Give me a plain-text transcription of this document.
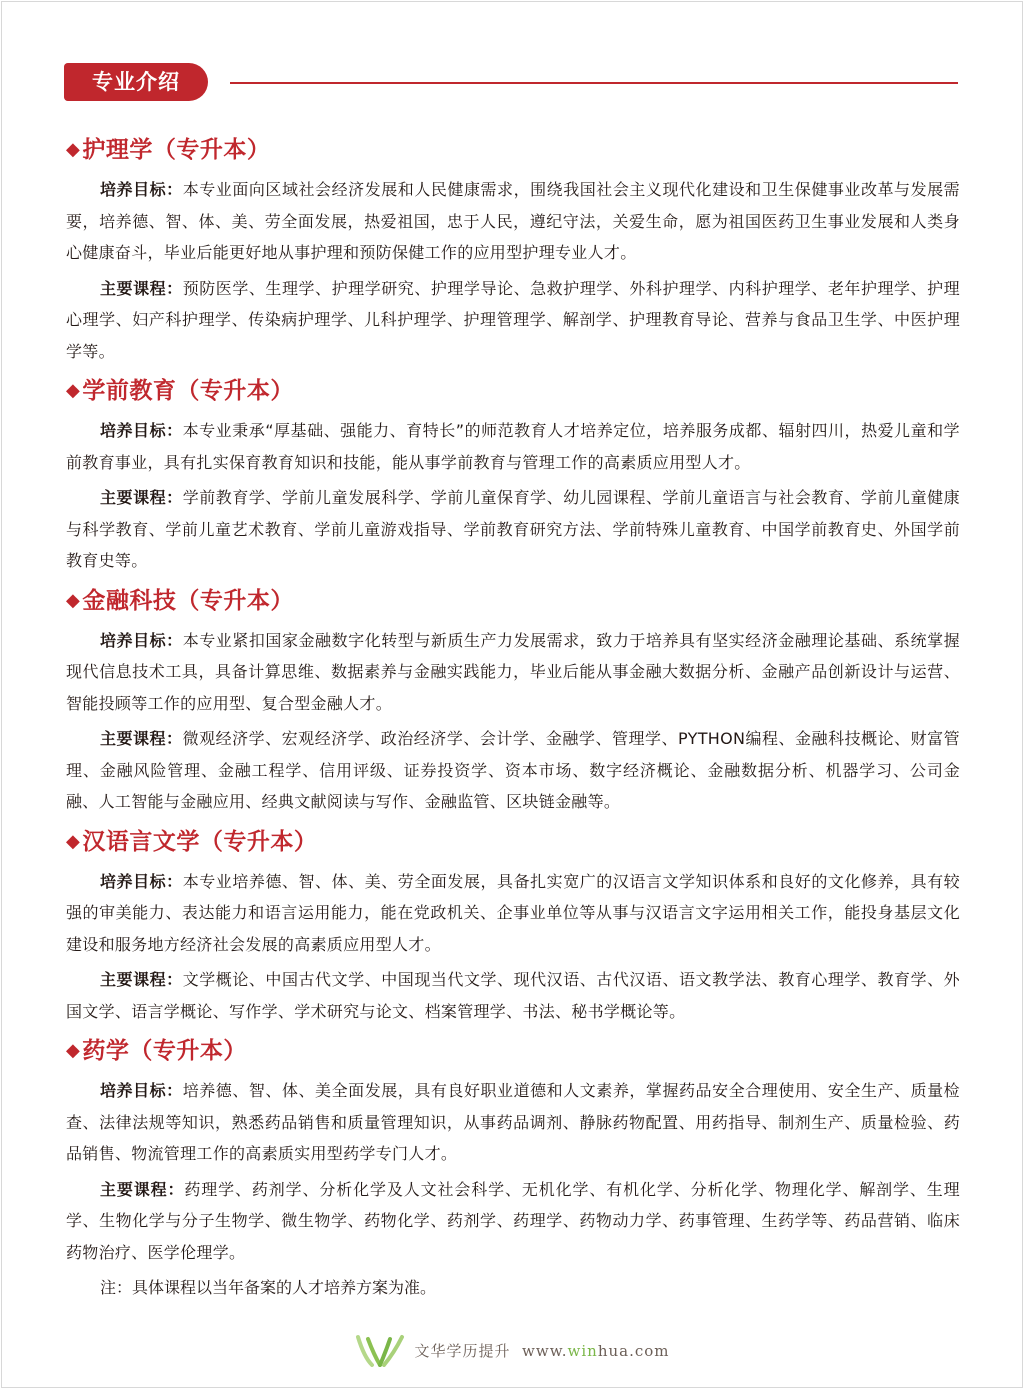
专业介绍
◆护理学（专升本）

培养目标：本专业面向区域社会经济发展和人民健康需求，围绕我国社会主义现代化建设和卫生保健事业改革与发展需要，培养德、智、体、美、劳全面发展，热爱祖国，忠于人民，遵纪守法，关爱生命，愿为祖国医药卫生事业发展和人类身心健康奋斗，毕业后能更好地从事护理和预防保健工作的应用型护理专业人才。

主要课程：预防医学、生理学、护理学研究、护理学导论、急救护理学、外科护理学、内科护理学、老年护理学、护理心理学、妇产科护理学、传染病护理学、儿科护理学、护理管理学、解剖学、护理教育导论、营养与食品卫生学、中医护理学等。

◆学前教育（专升本）

培养目标：本专业秉承“厚基础、强能力、育特长”的师范教育人才培养定位，培养服务成都、辐射四川，热爱儿童和学前教育事业，具有扎实保育教育知识和技能，能从事学前教育与管理工作的高素质应用型人才。

主要课程：学前教育学、学前儿童发展科学、学前儿童保育学、幼儿园课程、学前儿童语言与社会教育、学前儿童健康与科学教育、学前儿童艺术教育、学前儿童游戏指导、学前教育研究方法、学前特殊儿童教育、中国学前教育史、外国学前教育史等。

◆金融科技（专升本）

培养目标：本专业紧扣国家金融数字化转型与新质生产力发展需求，致力于培养具有坚实经济金融理论基础、系统掌握现代信息技术工具，具备计算思维、数据素养与金融实践能力，毕业后能从事金融大数据分析、金融产品创新设计与运营、智能投顾等工作的应用型、复合型金融人才。

主要课程：微观经济学、宏观经济学、政治经济学、会计学、金融学、管理学、PYTHON编程、金融科技概论、财富管理、金融风险管理、金融工程学、信用评级、证券投资学、资本市场、数字经济概论、金融数据分析、机器学习、公司金融、人工智能与金融应用、经典文献阅读与写作、金融监管、区块链金融等。

◆汉语言文学（专升本）

培养目标：本专业培养德、智、体、美、劳全面发展，具备扎实宽广的汉语言文学知识体系和良好的文化修养，具有较强的审美能力、表达能力和语言运用能力，能在党政机关、企事业单位等从事与汉语言文字运用相关工作，能投身基层文化建设和服务地方经济社会发展的高素质应用型人才。

主要课程：文学概论、中国古代文学、中国现当代文学、现代汉语、古代汉语、语文教学法、教育心理学、教育学、外国文学、语言学概论、写作学、学术研究与论文、档案管理学、书法、秘书学概论等。

◆药学（专升本）

培养目标：培养德、智、体、美全面发展，具有良好职业道德和人文素养，掌握药品安全合理使用、安全生产、质量检查、法律法规等知识，熟悉药品销售和质量管理知识，从事药品调剂、静脉药物配置、用药指导、制剂生产、质量检验、药品销售、物流管理工作的高素质实用型药学专门人才。

主要课程：药理学、药剂学、分析化学及人文社会科学、无机化学、有机化学、分析化学、物理化学、解剖学、生理学、生物化学与分子生物学、微生物学、药物化学、药剂学、药理学、药物动力学、药事管理、生药学等、药品营销、临床药物治疗、医学伦理学。

注：具体课程以当年备案的人才培养方案为准。

文华学历提升 www.winhua.com
